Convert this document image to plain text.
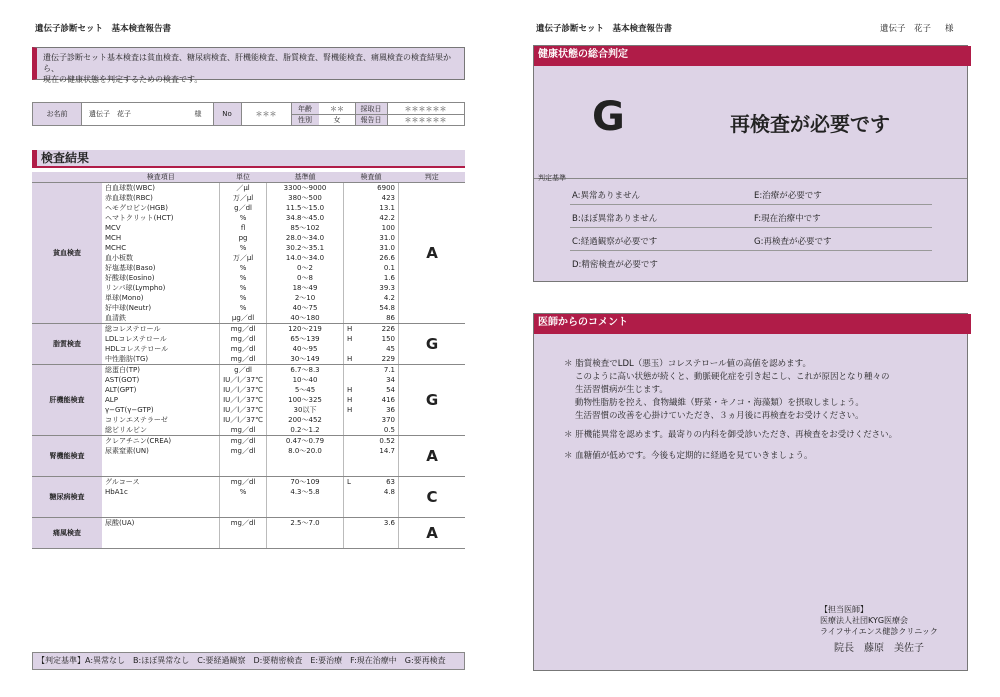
遺伝子診断セット　基本検査報告書
遺伝子診断セット基本検査は貧血検査、糖尿病検査、肝機能検査、脂質検査、腎機能検査、痛風検査の検査結果から、
現在の健康状態を判定するための検査です。
お名前	遺伝子　花子	様	No	＊＊＊
年齢	＊＊
性別	女
採取日	＊＊＊＊＊＊
報告日	＊＊＊＊＊＊
検査結果
	検査項目	単位	基準値	検査値		判定
貧血検査	白血球数(WBC)	／μl	3300〜9000		6900	A
	赤血球数(RBC)	万／μl	380〜500		423	
	ヘモグロビン(HGB)	g／dl	11.5〜15.0		13.1	
	ヘマトクリット(HCT)	%	34.8〜45.0		42.2	
	MCV	fl	85〜102		100	
	MCH	pg	28.0〜34.0		31.0	
	MCHC	%	30.2〜35.1		31.0	
	血小板数	万／μl	14.0〜34.0		26.6	
	好塩基球(Baso)	%	0〜2		0.1	
	好酸球(Eosino)	%	0〜8		1.6	
	リンパ球(Lympho)	%	18〜49		39.3	
	単球(Mono)	%	2〜10		4.2	
	好中球(Neutr)	%	40〜75		54.8	
	血清鉄	μg／dl	40〜180		86	
脂質検査	総コレステロール	mg／dl	120〜219	H	226	G
	LDLコレステロール	mg／dl	65〜139	H	150	
	HDLコレステロール	mg／dl	40〜95		45	
	中性脂肪(TG)	mg／dl	30〜149	H	229	
肝機能検査	総蛋白(TP)	g／dl	6.7〜8.3		7.1	G
	AST(GOT)	IU／l／37℃	10〜40		34	
	ALT(GPT)	IU／l／37℃	5〜45	H	54	
	ALP	IU／l／37℃	100〜325	H	416	
	γ−GT(γ−GTP)	IU／l／37℃	30以下	H	36	
	コリンエステラーゼ	IU／l／37℃	200〜452		370	
	総ビリルビン	mg／dl	0.2〜1.2		0.5	
腎機能検査	クレアチニン(CREA)	mg／dl	0.47〜0.79		0.52	A
	尿素窒素(UN)	mg／dl	8.0〜20.0		14.7	

糖尿病検査	グルコース	mg／dl	70〜109	L	63	C
	HbA1c	%	4.3〜5.8		4.8	

痛風検査	尿酸(UA)	mg／dl	2.5〜7.0		3.6	A

【判定基準】A:異常なし　B:ほぼ異常なし　C:要経過観察　D:要精密検査　E:要治療　F:現在治療中　G:要再検査
遺伝子診断セット　基本検査報告書	遺伝子　花子 様
健康状態の総合判定
G	再検査が必要です
判定基準
A:異常ありません	E:治療が必要です
B:ほぼ異常ありません	F:現在治療中です
C:経過観察が必要です	G:再検査が必要です
D:精密検査が必要です
医師からのコメント
＊ 脂質検査でLDL（悪玉）コレステロール値の高値を認めます。
このように高い状態が続くと、動脈硬化症を引き起こし、これが原因となり種々の
生活習慣病が生じます。
動物性脂肪を控え、食物繊維（野菜・キノコ・海藻類）を摂取しましょう。
生活習慣の改善を心掛けていただき、３ヵ月後に再検査をお受けください。
＊ 肝機能異常を認めます。最寄りの内科を御受診いただき、再検査をお受けください。
＊ 血糖値が低めです。今後も定期的に経過を見ていきましょう。
【担当医師】
医療法人社団KYG医療会
ライフサイエンス健診クリニック
院長　藤原　美佐子
